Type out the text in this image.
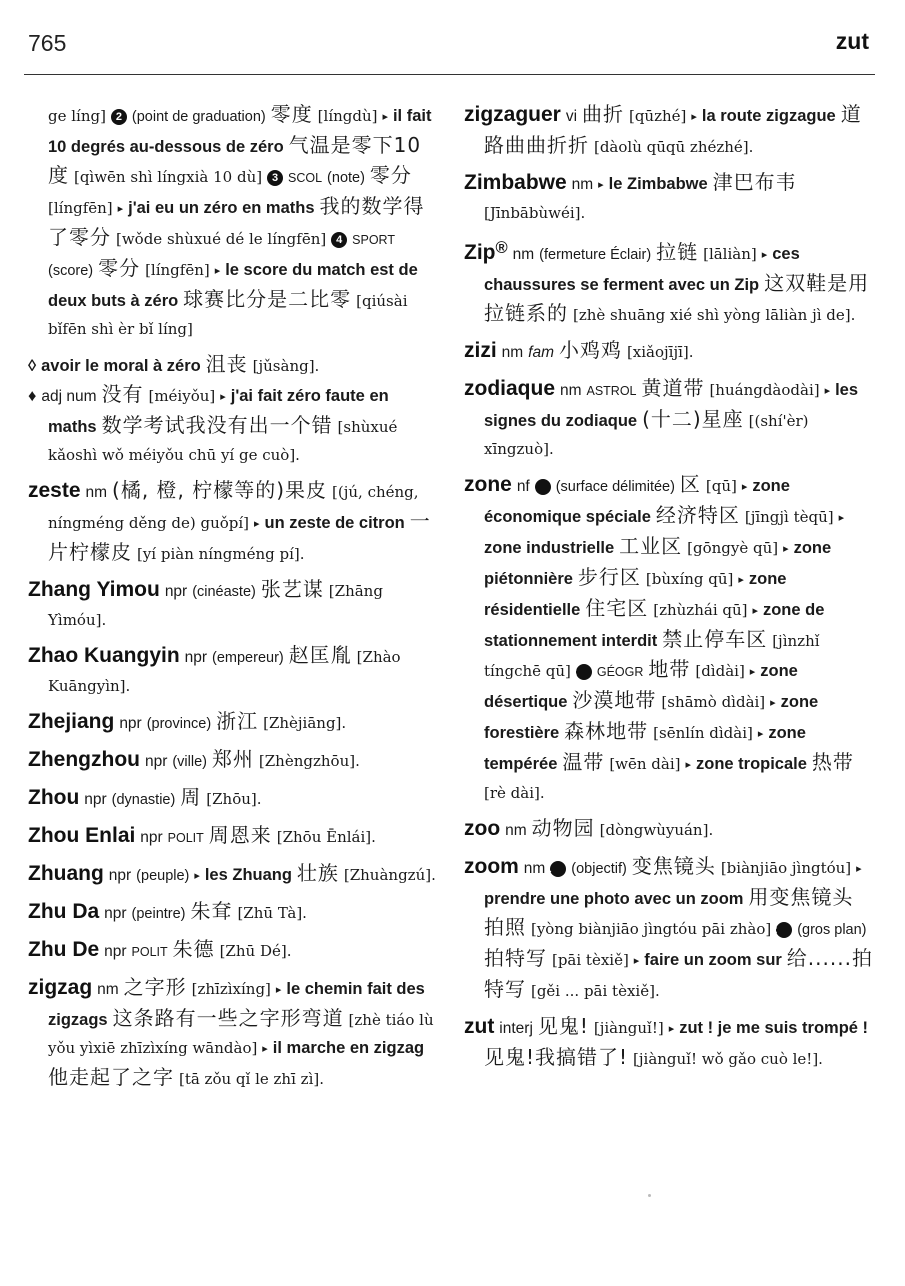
765	zut

ge líng] 2 (point de graduation) 零度 [língdù] ▸ il fait 10 degrés au-dessous de zéro 气温是零下10度 [qìwēn shì língxià 10 dù] 3 SCOL (note) 零分 [língfēn] ▸ j'ai eu un zéro en maths 我的数学得了零分 [wǒde shùxué dé le língfēn] 4 SPORT (score) 零分 [língfēn] ▸ le score du match est de deux buts à zéro 球赛比分是二比零 [qiúsài bǐfēn shì èr bǐ líng]

◊ avoir le moral à zéro 沮丧 [jǔsàng].

♦ adj num 没有 [méiyǒu] ▸ j'ai fait zéro faute en maths 数学考试我没有出一个错 [shùxué kǎoshì wǒ méiyǒu chū yí ge cuò].

zeste nm (橘, 橙, 柠檬等的)果皮 [(jú, chéng, níngméng děng de) guǒpí] ▸ un zeste de citron 一片柠檬皮 [yí piàn níngméng pí].

Zhang Yimou npr (cinéaste) 张艺谋 [Zhāng Yìmóu].

Zhao Kuangyin npr (empereur) 赵匡胤 [Zhào Kuāngyìn].

Zhejiang npr (province) 浙江 [Zhèjiāng].

Zhengzhou npr (ville) 郑州 [Zhèngzhōu].

Zhou npr (dynastie) 周 [Zhōu].

Zhou Enlai npr POLIT 周恩来 [Zhōu Ēnlái].

Zhuang npr (peuple) ▸ les Zhuang 壮族 [Zhuàngzú].

Zhu Da npr (peintre) 朱耷 [Zhū Tà].

Zhu De npr POLIT 朱德 [Zhū Dé].

zigzag nm 之字形 [zhīzìxíng] ▸ le chemin fait des zigzags 这条路有一些之字形弯道 [zhè tiáo lù yǒu yìxiē zhīzìxíng wāndào] ▸ il marche en zigzag 他走起了之字 [tā zǒu qǐ le zhī zì].

zigzaguer vi 曲折 [qūzhé] ▸ la route zigzague 道路曲曲折折 [dàolù qūqū zhézhé].

Zimbabwe nm ▸ le Zimbabwe 津巴布韦 [Jīnbābùwéi].

Zip® nm (fermeture Éclair) 拉链 [lāliàn] ▸ ces chaussures se ferment avec un Zip 这双鞋是用拉链系的 [zhè shuāng xié shì yòng lāliàn jì de].

zizi nm fam 小鸡鸡 [xiǎojījī].

zodiaque nm ASTROL 黄道带 [huángdàodài] ▸ les signes du zodiaque (十二)星座 [(shí'èr) xīngzuò].

zone nf 1 (surface délimitée) 区 [qū] ▸ zone économique spéciale 经济特区 [jīngjì tèqū] ▸ zone industrielle 工业区 [gōngyè qū] ▸ zone piétonnière 步行区 [bùxíng qū] ▸ zone résidentielle 住宅区 [zhùzhái qū] ▸ zone de stationnement interdit 禁止停车区 [jìnzhǐ tíngchē qū] 2 GÉOGR 地带 [dìdài] ▸ zone désertique 沙漠地带 [shāmò dìdài] ▸ zone forestière 森林地带 [sēnlín dìdài] ▸ zone tempérée 温带 [wēn dài] ▸ zone tropicale 热带 [rè dài].

zoo nm 动物园 [dòngwùyuán].

zoom nm 1 (objectif) 变焦镜头 [biànjiāo jìngtóu] ▸ prendre une photo avec un zoom 用变焦镜头拍照 [yòng biànjiāo jìngtóu pāi zhào] 2 (gros plan) 拍特写 [pāi tèxiě] ▸ faire un zoom sur 给......拍特写 [gěi ... pāi tèxiě].

zut interj 见鬼! [jiànguǐ!] ▸ zut ! je me suis trompé ! 见鬼!我搞错了! [jiànguǐ! wǒ gǎo cuò le!].
